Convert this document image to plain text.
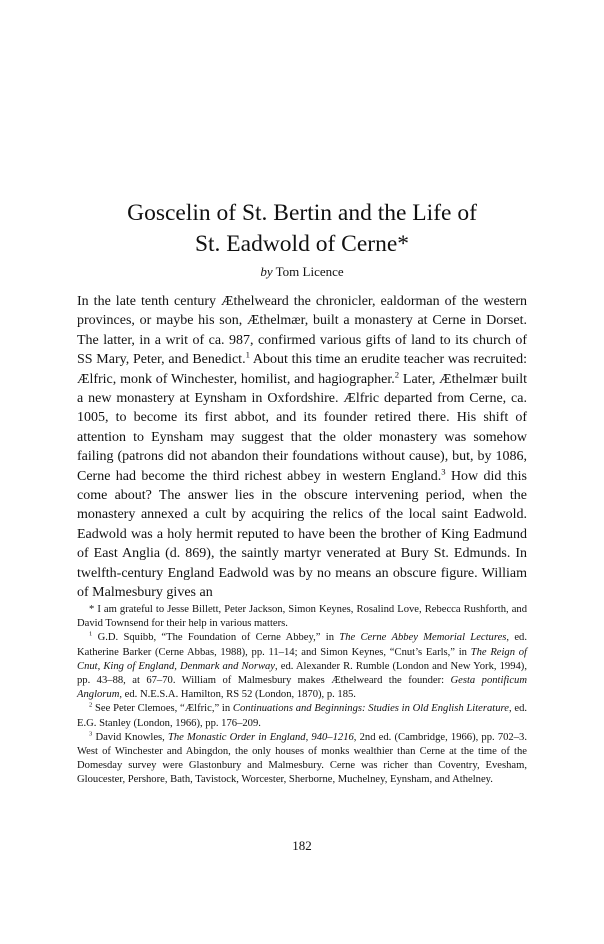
Goscelin of St. Bertin and the Life of
St. Eadwold of Cerne*
by Tom Licence

In the late tenth century Æthelweard the chronicler, ealdorman of the western provinces, or maybe his son, Æthelmær, built a monastery at Cerne in Dorset. The latter, in a writ of ca. 987, confirmed various gifts of land to its church of SS Mary, Peter, and Benedict.$^1$ About this time an erudite teacher was recruited: Ælfric, monk of Winchester, homilist, and hagiographer.$^2$ Later, Æthelmær built a new monastery at Eynsham in Oxfordshire. Ælfric departed from Cerne, ca. 1005, to become its first abbot, and its founder retired there. His shift of attention to Eynsham may suggest that the older monastery was somehow failing (patrons did not abandon their foundations without cause), but, by 1086, Cerne had become the third richest abbey in western England.$^3$ How did this come about? The answer lies in the obscure intervening period, when the monastery annexed a cult by acquiring the relics of the local saint Eadwold. Eadwold was a holy hermit reputed to have been the brother of King Eadmund of East Anglia (d. 869), the saintly martyr venerated at Bury St. Edmunds. In twelfth-century England Eadwold was by no means an obscure figure. William of Malmesbury gives an

* I am grateful to Jesse Billett, Peter Jackson, Simon Keynes, Rosalind Love, Rebecca Rushforth, and David Townsend for their help in various matters.

$^1$ G.D. Squibb, “The Foundation of Cerne Abbey,” in The Cerne Abbey Memorial Lectures, ed. Katherine Barker (Cerne Abbas, 1988), pp. 11–14; and Simon Keynes, “Cnut’s Earls,” in The Reign of Cnut, King of England, Denmark and Norway, ed. Alexander R. Rumble (London and New York, 1994), pp. 43–88, at 67–70. William of Malmesbury makes Æthelweard the founder: Gesta pontificum Anglorum, ed. N.E.S.A. Hamilton, RS 52 (London, 1870), p. 185.

$^2$ See Peter Clemoes, “Ælfric,” in Continuations and Beginnings: Studies in Old English Literature, ed. E.G. Stanley (London, 1966), pp. 176–209.

$^3$ David Knowles, The Monastic Order in England, 940–1216, 2nd ed. (Cambridge, 1966), pp. 702–3. West of Winchester and Abingdon, the only houses of monks wealthier than Cerne at the time of the Domesday survey were Glastonbury and Malmesbury. Cerne was richer than Coventry, Evesham, Gloucester, Pershore, Bath, Tavistock, Worcester, Sherborne, Muchelney, Eynsham, and Athelney.

182
